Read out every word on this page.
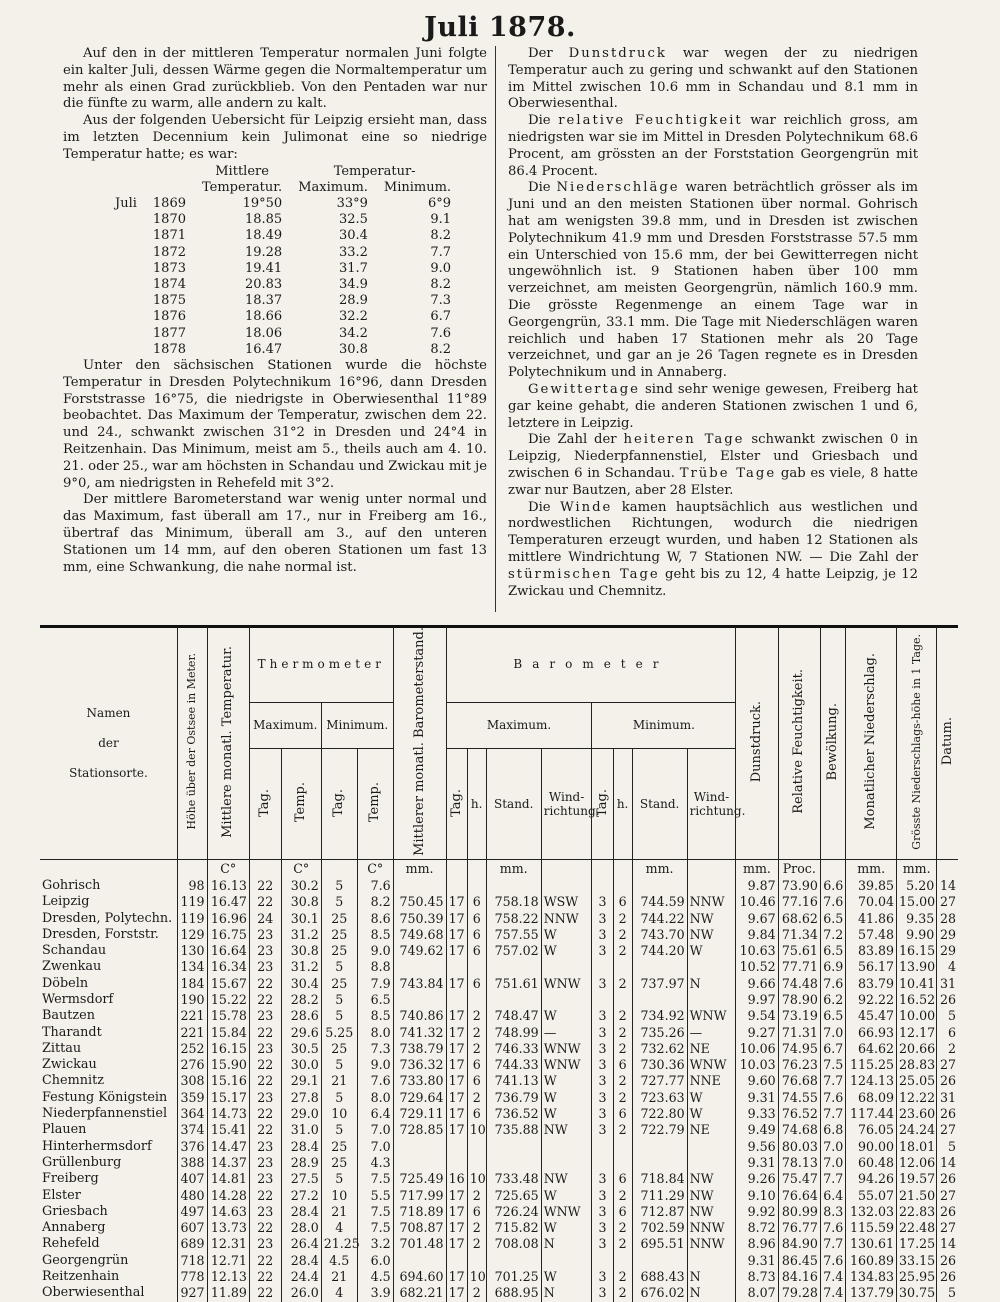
Juli 1878.

Auf den in der mittleren Temperatur normalen Juni folgte ein kalter Juli, dessen Wärme gegen die Normaltemperatur um mehr als einen Grad zurückblieb. Von den Pentaden war nur die fünfte zu warm, alle andern zu kalt.

Aus der folgenden Uebersicht für Leipzig ersieht man, dass im letzten Decennium kein Julimonat eine so niedrige Temperatur hatte; es war:

		Mittlere	Temperatur-	
		Temperatur.	Maximum.	Minimum.
Juli	1869	19°50	33°9	6°9
	1870	18.85	32.5	9.1
	1871	18.49	30.4	8.2
	1872	19.28	33.2	7.7
	1873	19.41	31.7	9.0
	1874	20.83	34.9	8.2
	1875	18.37	28.9	7.3
	1876	18.66	32.2	6.7
	1877	18.06	34.2	7.6
	1878	16.47	30.8	8.2

Unter den sächsischen Stationen wurde die höchste Temperatur in Dresden Polytechnikum 16°96, dann Dresden Forststrasse 16°75, die niedrigste in Oberwiesenthal 11°89 beobachtet. Das Maximum der Temperatur, zwischen dem 22. und 24., schwankt zwischen 31°2 in Dresden und 24°4 in Reitzenhain. Das Minimum, meist am 5., theils auch am 4. 10. 21. oder 25., war am höchsten in Schandau und Zwickau mit je 9°0, am niedrigsten in Rehefeld mit 3°2.

Der mittlere Barometerstand war wenig unter normal und das Maximum, fast überall am 17., nur in Freiberg am 16., übertraf das Minimum, überall am 3., auf den unteren Stationen um 14 mm, auf den oberen Stationen um fast 13 mm, eine Schwankung, die nahe normal ist.

Der Dunstdruck war wegen der zu niedrigen Temperatur auch zu gering und schwankt auf den Stationen im Mittel zwischen 10.6 mm in Schandau und 8.1 mm in Oberwiesenthal.

Die relative Feuchtigkeit war reichlich gross, am niedrigsten war sie im Mittel in Dresden Polytechnikum 68.6 Procent, am grössten an der Forststation Georgengrün mit 86.4 Procent.

Die Niederschläge waren beträchtlich grösser als im Juni und an den meisten Stationen über normal. Gohrisch hat am wenigsten 39.8 mm, und in Dresden ist zwischen Polytechnikum 41.9 mm und Dresden Forststrasse 57.5 mm ein Unterschied von 15.6 mm, der bei Gewitterregen nicht ungewöhnlich ist. 9 Stationen haben über 100 mm verzeichnet, am meisten Georgengrün, nämlich 160.9 mm. Die grösste Regenmenge an einem Tage war in Georgengrün, 33.1 mm. Die Tage mit Niederschlägen waren reichlich und haben 17 Stationen mehr als 20 Tage verzeichnet, und gar an je 26 Tagen regnete es in Dresden Polytechnikum und in Annaberg.

Gewittertage sind sehr wenige gewesen, Freiberg hat gar keine gehabt, die anderen Stationen zwischen 1 und 6, letztere in Leipzig.

Die Zahl der heiteren Tage schwankt zwischen 0 in Leipzig, Niederpfannenstiel, Elster und Griesbach und zwischen 6 in Schandau. Trübe Tage gab es viele, 8 hatte zwar nur Bautzen, aber 28 Elster.

Die Winde kamen hauptsächlich aus westlichen und nordwestlichen Richtungen, wodurch die niedrigen Temperaturen erzeugt wurden, und haben 12 Stationen als mittlere Windrichtung W, 7 Stationen NW. — Die Zahl der stürmischen Tage geht bis zu 12, 4 hatte Leipzig, je 12 Zwickau und Chemnitz.

Namen
der
Stationsorte.	Höhe über der Ostsee in Meter.	Mittlere monatl. Temperatur.	Thermometer				Mittlerer monatl. Barometerstand.	Barometer								Dunstdruck.	Relative Feuchtigkeit.	Bewölkung.	Monatlicher Niederschlag.	Grösste Niederschlags-höhe in 1 Tage.	Datum.
			Maximum.		Minimum.			Maximum.				Minimum.									
			Tag.	Temp.	Tag.	Temp.		Tag.	h.	Stand.	Wind-richtung.	Tag.	h.	Stand.	Wind-richtung.						
		C°		C°		C°	mm.			mm.				mm.		mm.	Proc.		mm.	mm.	
Gohrisch	98	16.13	22	30.2	5	7.6										9.87	73.90	6.6	39.85	5.20	14
Leipzig	119	16.47	22	30.8	5	8.2	750.45	17	6	758.18	WSW	3	6	744.59	NNW	10.46	77.16	7.6	70.04	15.00	27
Dresden, Polytechn.	119	16.96	24	30.1	25	8.6	750.39	17	6	758.22	NNW	3	2	744.22	NW	9.67	68.62	6.5	41.86	9.35	28
Dresden, Forststr.	129	16.75	23	31.2	25	8.5	749.68	17	6	757.55	W	3	2	743.70	NW	9.84	71.34	7.2	57.48	9.90	29
Schandau	130	16.64	23	30.8	25	9.0	749.62	17	6	757.02	W	3	2	744.20	W	10.63	75.61	6.5	83.89	16.15	29
Zwenkau	134	16.34	23	31.2	5	8.8										10.52	77.71	6.9	56.17	13.90	4
Döbeln	184	15.67	22	30.4	25	7.9	743.84	17	6	751.61	WNW	3	2	737.97	N	9.66	74.48	7.6	83.79	10.41	31
Wermsdorf	190	15.22	22	28.2	5	6.5										9.97	78.90	6.2	92.22	16.52	26
Bautzen	221	15.78	23	28.6	5	8.5	740.86	17	2	748.47	W	3	2	734.92	WNW	9.54	73.19	6.5	45.47	10.00	5
Tharandt	221	15.84	22	29.6	5.25	8.0	741.32	17	2	748.99	—	3	2	735.26	—	9.27	71.31	7.0	66.93	12.17	6
Zittau	252	16.15	23	30.5	25	7.3	738.79	17	2	746.33	WNW	3	2	732.62	NE	10.06	74.95	6.7	64.62	20.66	2
Zwickau	276	15.90	22	30.0	5	9.0	736.32	17	6	744.33	WNW	3	6	730.36	WNW	10.03	76.23	7.5	115.25	28.83	27
Chemnitz	308	15.16	22	29.1	21	7.6	733.80	17	6	741.13	W	3	2	727.77	NNE	9.60	76.68	7.7	124.13	25.05	26
Festung Königstein	359	15.17	23	27.8	5	8.0	729.64	17	2	736.79	W	3	2	723.63	W	9.31	74.55	7.6	68.09	12.22	31
Niederpfannenstiel	364	14.73	22	29.0	10	6.4	729.11	17	6	736.52	W	3	6	722.80	W	9.33	76.52	7.7	117.44	23.60	26
Plauen	374	15.41	22	31.0	5	7.0	728.85	17	10	735.88	NW	3	2	722.79	NE	9.49	74.68	6.8	76.05	24.24	27
Hinterhermsdorf	376	14.47	23	28.4	25	7.0										9.56	80.03	7.0	90.00	18.01	5
Grüllenburg	388	14.37	23	28.9	25	4.3										9.31	78.13	7.0	60.48	12.06	14
Freiberg	407	14.81	23	27.5	5	7.5	725.49	16	10	733.48	NW	3	6	718.84	NW	9.26	75.47	7.7	94.26	19.57	26
Elster	480	14.28	22	27.2	10	5.5	717.99	17	2	725.65	W	3	2	711.29	NW	9.10	76.64	6.4	55.07	21.50	27
Griesbach	497	14.63	23	28.4	21	7.5	718.89	17	6	726.24	WNW	3	6	712.87	NW	9.92	80.99	8.3	132.03	22.83	26
Annaberg	607	13.73	22	28.0	4	7.5	708.87	17	2	715.82	W	3	2	702.59	NNW	8.72	76.77	7.6	115.59	22.48	27
Rehefeld	689	12.31	23	26.4	21.25	3.2	701.48	17	2	708.08	N	3	2	695.51	NNW	8.96	84.90	7.7	130.61	17.25	14
Georgengrün	718	12.71	22	28.4	4.5	6.0										9.31	86.45	7.6	160.89	33.15	26
Reitzenhain	778	12.13	22	24.4	21	4.5	694.60	17	10	701.25	W	3	2	688.43	N	8.73	84.16	7.4	134.83	25.95	26
Oberwiesenthal	927	11.89	22	26.0	4	3.9	682.21	17	2	688.95	N	3	2	676.02	N	8.07	79.28	7.4	137.79	30.75	5
